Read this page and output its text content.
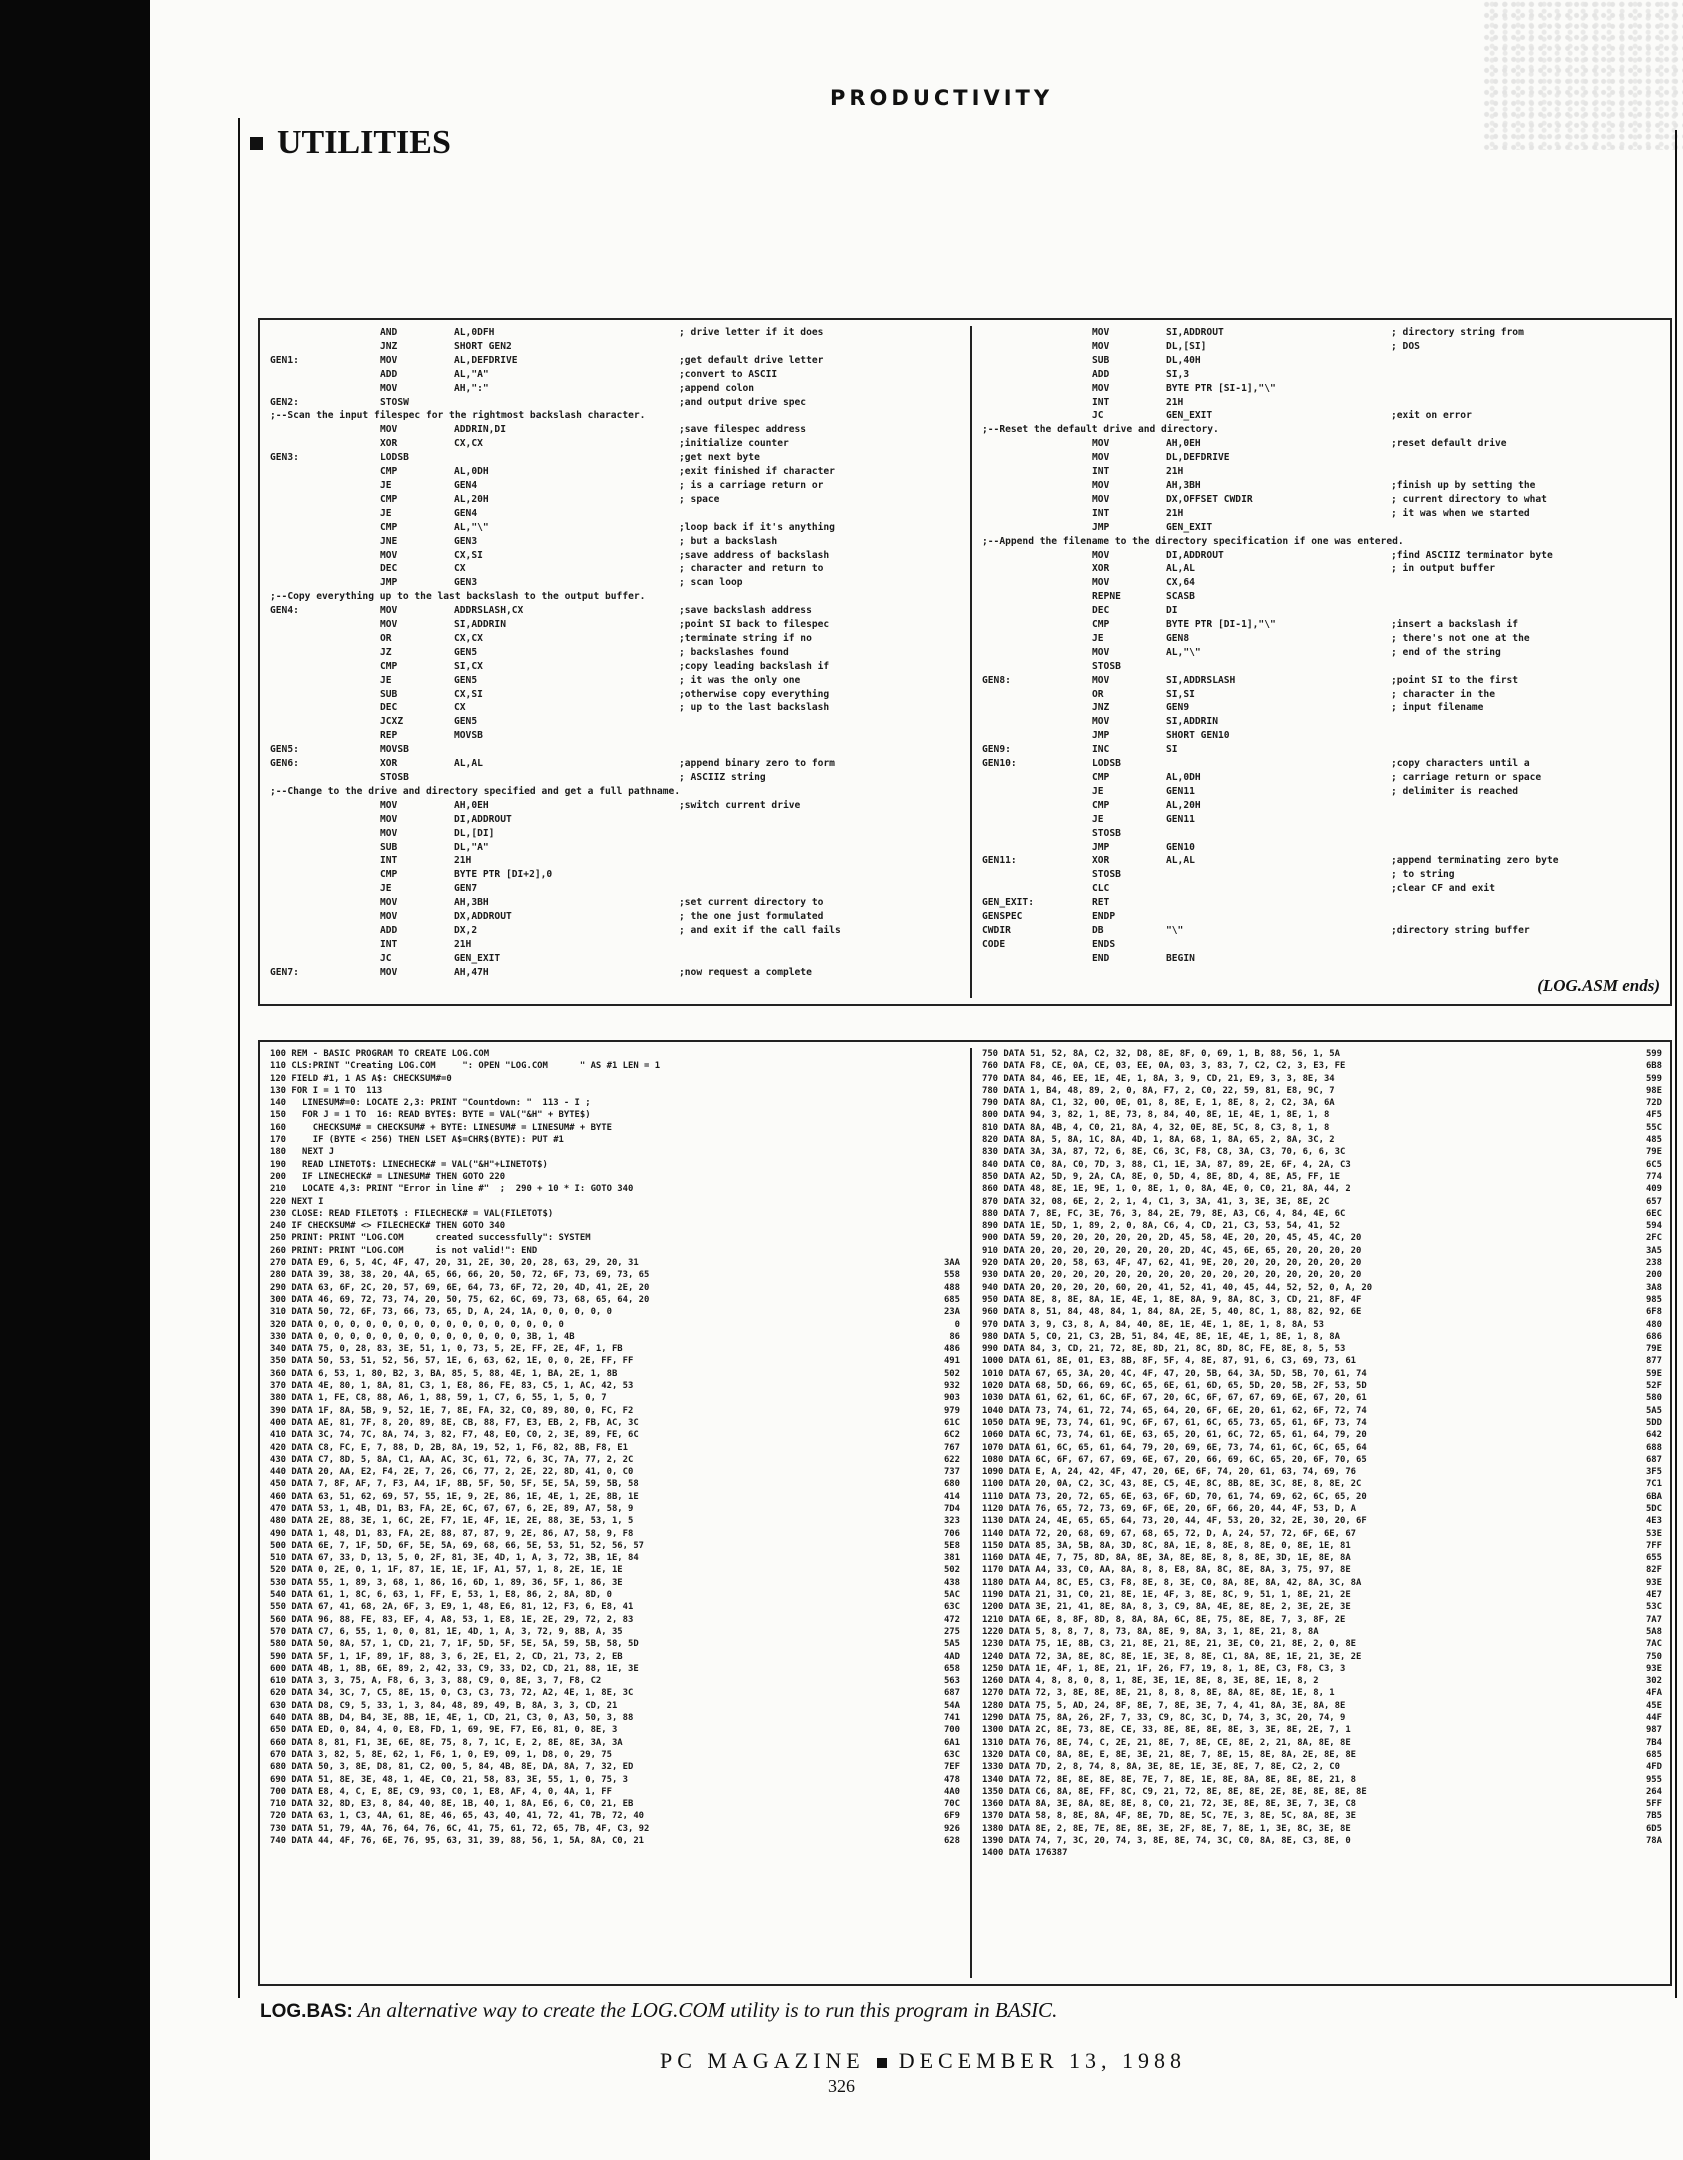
PRODUCTIVITY
UTILITIES
AND	AL,0DFH	; drive letter if it does
JNZ	SHORT GEN2
GEN1:	MOV	AL,DEFDRIVE	;get default drive letter
ADD	AL,"A"	;convert to ASCII
MOV	AH,":"	;append colon
GEN2:	STOSW	;and output drive spec
;--Scan the input filespec for the rightmost backslash character.
MOV	ADDRIN,DI	;save filespec address
XOR	CX,CX	;initialize counter
GEN3:	LODSB	;get next byte
CMP	AL,0DH	;exit finished if character
JE	GEN4	; is a carriage return or
CMP	AL,20H	; space
JE	GEN4
CMP	AL,"\"	;loop back if it's anything
JNE	GEN3	; but a backslash
MOV	CX,SI	;save address of backslash
DEC	CX	; character and return to
JMP	GEN3	; scan loop
;--Copy everything up to the last backslash to the output buffer.
GEN4:	MOV	ADDRSLASH,CX	;save backslash address
MOV	SI,ADDRIN	;point SI back to filespec
OR	CX,CX	;terminate string if no
JZ	GEN5	; backslashes found
CMP	SI,CX	;copy leading backslash if
JE	GEN5	; it was the only one
SUB	CX,SI	;otherwise copy everything
DEC	CX	; up to the last backslash
JCXZ	GEN5
REP	MOVSB
GEN5:	MOVSB
GEN6:	XOR	AL,AL	;append binary zero to form
STOSB	; ASCIIZ string
;--Change to the drive and directory specified and get a full pathname.
MOV	AH,0EH	;switch current drive
MOV	DI,ADDROUT
MOV	DL,[DI]
SUB	DL,"A"
INT	21H
CMP	BYTE PTR [DI+2],0
JE	GEN7
MOV	AH,3BH	;set current directory to
MOV	DX,ADDROUT	; the one just formulated
ADD	DX,2	; and exit if the call fails
INT	21H
JC	GEN_EXIT
GEN7:	MOV	AH,47H	;now request a complete
MOV	SI,ADDROUT	; directory string from
MOV	DL,[SI]	; DOS
SUB	DL,40H
ADD	SI,3
MOV	BYTE PTR [SI-1],"\"
INT	21H
JC	GEN_EXIT	;exit on error
;--Reset the default drive and directory.
MOV	AH,0EH	;reset default drive
MOV	DL,DEFDRIVE
INT	21H
MOV	AH,3BH	;finish up by setting the
MOV	DX,OFFSET CWDIR	; current directory to what
INT	21H	; it was when we started
JMP	GEN_EXIT
;--Append the filename to the directory specification if one was entered.
MOV	DI,ADDROUT	;find ASCIIZ terminator byte
XOR	AL,AL	; in output buffer
MOV	CX,64
REPNE	SCASB
DEC	DI
CMP	BYTE PTR [DI-1],"\"	;insert a backslash if
JE	GEN8	; there's not one at the
MOV	AL,"\"	; end of the string
STOSB
GEN8:	MOV	SI,ADDRSLASH	;point SI to the first
OR	SI,SI	; character in the
JNZ	GEN9	; input filename
MOV	SI,ADDRIN
JMP	SHORT GEN10
GEN9:	INC	SI
GEN10:	LODSB	;copy characters until a
CMP	AL,0DH	; carriage return or space
JE	GEN11	; delimiter is reached
CMP	AL,20H
JE	GEN11
STOSB
JMP	GEN10
GEN11:	XOR	AL,AL	;append terminating zero byte
STOSB	; to string
CLC	;clear CF and exit
GEN_EXIT:	RET
GENSPEC	ENDP
CWDIR	DB	"\"	;directory string buffer
CODE	ENDS
END	BEGIN
(LOG.ASM ends)
100 REM - BASIC PROGRAM TO CREATE LOG.COM
110 CLS:PRINT "Creating LOG.COM     ": OPEN "LOG.COM      " AS #1 LEN = 1
120 FIELD #1, 1 AS A$: CHECKSUM#=0
130 FOR I = 1 TO  113
140   LINESUM#=0: LOCATE 2,3: PRINT "Countdown: "  113 - I ;
150   FOR J = 1 TO  16: READ BYTE$: BYTE = VAL("&H" + BYTE$)
160     CHECKSUM# = CHECKSUM# + BYTE: LINESUM# = LINESUM# + BYTE
170     IF (BYTE < 256) THEN LSET A$=CHR$(BYTE): PUT #1
180   NEXT J
190   READ LINETOT$: LINECHECK# = VAL("&H"+LINETOT$)
200   IF LINECHECK# = LINESUM# THEN GOTO 220
210   LOCATE 4,3: PRINT "Error in line #"  ;  290 + 10 * I: GOTO 340
220 NEXT I
230 CLOSE: READ FILETOT$ : FILECHECK# = VAL(FILETOT$)
240 IF CHECKSUM# <> FILECHECK# THEN GOTO 340
250 PRINT: PRINT "LOG.COM      created successfully": SYSTEM
260 PRINT: PRINT "LOG.COM      is not valid!": END
270 DATA E9, 6, 5, 4C, 4F, 47, 20, 31, 2E, 30, 20, 28, 63, 29, 20, 31	3AA
280 DATA 39, 38, 38, 20, 4A, 65, 66, 66, 20, 50, 72, 6F, 73, 69, 73, 65	558
290 DATA 63, 6F, 2C, 20, 57, 69, 6E, 64, 73, 6F, 72, 20, 4D, 41, 2E, 20	488
300 DATA 46, 69, 72, 73, 74, 20, 50, 75, 62, 6C, 69, 73, 68, 65, 64, 20	685
310 DATA 50, 72, 6F, 73, 66, 73, 65, D, A, 24, 1A, 0, 0, 0, 0, 0	23A
320 DATA 0, 0, 0, 0, 0, 0, 0, 0, 0, 0, 0, 0, 0, 0, 0, 0	0
330 DATA 0, 0, 0, 0, 0, 0, 0, 0, 0, 0, 0, 0, 0, 3B, 1, 4B	86
340 DATA 75, 0, 28, 83, 3E, 51, 1, 0, 73, 5, 2E, FF, 2E, 4F, 1, FB	486
350 DATA 50, 53, 51, 52, 56, 57, 1E, 6, 63, 62, 1E, 0, 0, 2E, FF, FF	491
360 DATA 6, 53, 1, 80, B2, 3, BA, 85, 5, 88, 4E, 1, BA, 2E, 1, 8B	502
370 DATA 4E, 80, 1, 8A, 81, C3, 1, E8, 86, FE, 83, C5, 1, AC, 42, 53	932
380 DATA 1, FE, C8, 88, A6, 1, 88, 59, 1, C7, 6, 55, 1, 5, 0, 7	903
390 DATA 1F, 8A, 5B, 9, 52, 1E, 7, 8E, FA, 32, C0, 89, 80, 0, FC, F2	979
400 DATA AE, 81, 7F, 8, 20, 89, 8E, CB, 88, F7, E3, EB, 2, FB, AC, 3C	61C
410 DATA 3C, 74, 7C, 8A, 74, 3, 82, F7, 48, E0, C0, 2, 3E, 89, FE, 6C	6C2
420 DATA C8, FC, E, 7, 88, D, 2B, 8A, 19, 52, 1, F6, 82, 8B, F8, E1	767
430 DATA C7, 8D, 5, 8A, C1, AA, AC, 3C, 61, 72, 6, 3C, 7A, 77, 2, 2C	622
440 DATA 20, AA, E2, F4, 2E, 7, 26, C6, 77, 2, 2E, 22, 8D, 41, 0, C0	737
450 DATA 7, 8F, AF, 7, F3, A4, 1F, 8B, 5F, 50, 5F, 5E, 5A, 59, 5B, 58	680
460 DATA 63, 51, 62, 69, 57, 55, 1E, 9, 2E, 86, 1E, 4E, 1, 2E, 8B, 1E	414
470 DATA 53, 1, 4B, D1, B3, FA, 2E, 6C, 67, 67, 6, 2E, 89, A7, 58, 9	7D4
480 DATA 2E, 88, 3E, 1, 6C, 2E, F7, 1E, 4F, 1E, 2E, 88, 3E, 53, 1, 5	323
490 DATA 1, 48, D1, 83, FA, 2E, 88, 87, 87, 9, 2E, 86, A7, 58, 9, F8	706
500 DATA 6E, 7, 1F, 5D, 6F, 5E, 5A, 69, 68, 66, 5E, 53, 51, 52, 56, 57	5E8
510 DATA 67, 33, D, 13, 5, 0, 2F, 81, 3E, 4D, 1, A, 3, 72, 3B, 1E, 84	381
520 DATA 0, 2E, 0, 1, 1F, 87, 1E, 1E, 1F, A1, 57, 1, 8, 2E, 1E, 1E	502
530 DATA 55, 1, 89, 3, 68, 1, 86, 16, 6D, 1, 89, 36, 5F, 1, 86, 3E	438
540 DATA 61, 1, 8C, 6, 63, 1, FF, E, 53, 1, E8, 86, 2, 8A, 8D, 0	5AC
550 DATA 67, 41, 68, 2A, 6F, 3, E9, 1, 48, E6, 81, 12, F3, 6, E8, 41	63C
560 DATA 96, 88, FE, 83, EF, 4, A8, 53, 1, E8, 1E, 2E, 29, 72, 2, 83	472
570 DATA C7, 6, 55, 1, 0, 0, 81, 1E, 4D, 1, A, 3, 72, 9, 8B, A, 35	275
580 DATA 50, 8A, 57, 1, CD, 21, 7, 1F, 5D, 5F, 5E, 5A, 59, 5B, 58, 5D	5A5
590 DATA 5F, 1, 1F, 89, 1F, 88, 3, 6, 2E, E1, 2, CD, 21, 73, 2, EB	4AD
600 DATA 4B, 1, 8B, 6E, 89, 2, 42, 33, C9, 33, D2, CD, 21, 88, 1E, 3E	658
610 DATA 3, 3, 75, A, F8, 6, 3, 3, 88, C9, 0, 8E, 3, 7, F8, C2	563
620 DATA 34, 3C, 7, C5, 8E, 15, 0, C3, C3, 73, 72, A2, 4E, 1, 8E, 3C	687
630 DATA D8, C9, 5, 33, 1, 3, 84, 48, 89, 49, B, 8A, 3, 3, CD, 21	54A
640 DATA 8B, D4, B4, 3E, 8B, 1E, 4E, 1, CD, 21, C3, 0, A3, 50, 3, 88	741
650 DATA ED, 0, 84, 4, 0, E8, FD, 1, 69, 9E, F7, E6, 81, 0, 8E, 3	700
660 DATA 8, 81, F1, 3E, 6E, 8E, 75, 8, 7, 1C, E, 2, 8E, 8E, 3A, 3A	6A1
670 DATA 3, 82, 5, 8E, 62, 1, F6, 1, 0, E9, 09, 1, D8, 0, 29, 75	63C
680 DATA 50, 3, 8E, D8, 81, C2, 00, 5, 84, 4B, 8E, DA, 8A, 7, 32, ED	7EF
690 DATA 51, 8E, 3E, 48, 1, 4E, C0, 21, 58, 83, 3E, 55, 1, 0, 75, 3	478
700 DATA E8, 4, C, E, 8E, C9, 93, C0, 1, E8, AF, 4, 0, 4A, 1, FF	4A0
710 DATA 32, 8D, E3, 8, 84, 40, 8E, 1B, 40, 1, 8A, E6, 6, C0, 21, EB	70C
720 DATA 63, 1, C3, 4A, 61, 8E, 46, 65, 43, 40, 41, 72, 41, 7B, 72, 40	6F9
730 DATA 51, 79, 4A, 76, 64, 76, 6C, 41, 75, 61, 72, 65, 7B, 4F, C3, 92	926
740 DATA 44, 4F, 76, 6E, 76, 95, 63, 31, 39, 88, 56, 1, 5A, 8A, C0, 21	628
750 DATA 51, 52, 8A, C2, 32, D8, 8E, 8F, 0, 69, 1, B, 88, 56, 1, 5A	599
760 DATA F8, CE, 0A, CE, 03, EE, 0A, 03, 3, 83, 7, C2, C2, 3, E3, FE	6B8
770 DATA 84, 46, EE, 1E, 4E, 1, 8A, 3, 9, CD, 21, E9, 3, 3, 8E, 34	599
780 DATA 1, B4, 48, 89, 2, 0, 8A, F7, 2, C0, 22, 59, 81, E8, 9C, 7	98E
790 DATA 8A, C1, 32, 00, 0E, 01, 8, 8E, E, 1, 8E, 8, 2, C2, 3A, 6A	72D
800 DATA 94, 3, 82, 1, 8E, 73, 8, 84, 40, 8E, 1E, 4E, 1, 8E, 1, 8	4F5
810 DATA 8A, 4B, 4, C0, 21, 8A, 4, 32, 0E, 8E, 5C, 8, C3, 8, 1, 8	55C
820 DATA 8A, 5, 8A, 1C, 8A, 4D, 1, 8A, 68, 1, 8A, 65, 2, 8A, 3C, 2	485
830 DATA 3A, 3A, 87, 72, 6, 8E, C6, 3C, F8, C8, 3A, C3, 70, 6, 6, 3C	79E
840 DATA C0, 8A, C0, 7D, 3, 88, C1, 1E, 3A, 87, 89, 2E, 6F, 4, 2A, C3	6C5
850 DATA A2, 5D, 9, 2A, CA, 8E, 0, 5D, 4, 8E, 8D, 4, 8E, A5, FF, 1E	774
860 DATA 48, 8E, 1E, 9E, 1, 0, 8E, 1, 0, 8A, 4E, 0, C0, 21, 8A, 44, 2	409
870 DATA 32, 08, 6E, 2, 2, 1, 4, C1, 3, 3A, 41, 3, 3E, 3E, 8E, 2C	657
880 DATA 7, 8E, FC, 3E, 76, 3, 84, 2E, 79, 8E, A3, C6, 4, 84, 4E, 6C	6EC
890 DATA 1E, 5D, 1, 89, 2, 0, 8A, C6, 4, CD, 21, C3, 53, 54, 41, 52	594
900 DATA 59, 20, 20, 20, 20, 20, 2D, 45, 58, 4E, 20, 20, 45, 45, 4C, 20	2FC
910 DATA 20, 20, 20, 20, 20, 20, 20, 2D, 4C, 45, 6E, 65, 20, 20, 20, 20	3A5
920 DATA 20, 20, 58, 63, 4F, 47, 62, 41, 9E, 20, 20, 20, 20, 20, 20, 20	238
930 DATA 20, 20, 20, 20, 20, 20, 20, 20, 20, 20, 20, 20, 20, 20, 20, 20	200
940 DATA 20, 20, 20, 20, 60, 20, 41, 52, 41, 40, 45, 44, 52, 52, 0, A, 20	3A8
950 DATA 8E, 8, 8E, 8A, 1E, 4E, 1, 8E, 8A, 9, 8A, 8C, 3, CD, 21, 8F, 4F	985
960 DATA 8, 51, 84, 48, 84, 1, 84, 8A, 2E, 5, 40, 8C, 1, 88, 82, 92, 6E	6F8
970 DATA 3, 9, C3, 8, A, 84, 40, 8E, 1E, 4E, 1, 8E, 1, 8, 8A, 53	480
980 DATA 5, C0, 21, C3, 2B, 51, 84, 4E, 8E, 1E, 4E, 1, 8E, 1, 8, 8A	686
990 DATA 84, 3, CD, 21, 72, 8E, 8D, 21, 8C, 8D, 8C, FE, 8E, 8, 5, 53	79E
1000 DATA 61, 8E, 01, E3, 8B, 8F, 5F, 4, 8E, 87, 91, 6, C3, 69, 73, 61	877
1010 DATA 67, 65, 3A, 20, 4C, 4F, 47, 20, 5B, 64, 3A, 5D, 5B, 70, 61, 74	59E
1020 DATA 68, 5D, 66, 69, 6C, 65, 6E, 61, 6D, 65, 5D, 20, 5B, 2F, 53, 5D	52F
1030 DATA 61, 62, 61, 6C, 6F, 67, 20, 6C, 6F, 67, 67, 69, 6E, 67, 20, 61	580
1040 DATA 73, 74, 61, 72, 74, 65, 64, 20, 6F, 6E, 20, 61, 62, 6F, 72, 74	5A5
1050 DATA 9E, 73, 74, 61, 9C, 6F, 67, 61, 6C, 65, 73, 65, 61, 6F, 73, 74	5DD
1060 DATA 6C, 73, 74, 61, 6E, 63, 65, 20, 61, 6C, 72, 65, 61, 64, 79, 20	642
1070 DATA 61, 6C, 65, 61, 64, 79, 20, 69, 6E, 73, 74, 61, 6C, 6C, 65, 64	688
1080 DATA 6C, 6F, 67, 67, 69, 6E, 67, 20, 66, 69, 6C, 65, 20, 6F, 70, 65	687
1090 DATA E, A, 24, 42, 4F, 47, 20, 6E, 6F, 74, 20, 61, 63, 74, 69, 76	3F5
1100 DATA 20, 0A, C2, 3C, 43, 8E, C5, 4E, 8C, 8B, 8E, 3C, 8E, 8, 8E, 2C	7C1
1110 DATA 73, 20, 72, 65, 6E, 63, 6F, 6D, 70, 61, 74, 69, 62, 6C, 65, 20	6BA
1120 DATA 76, 65, 72, 73, 69, 6F, 6E, 20, 6F, 66, 20, 44, 4F, 53, D, A	5DC
1130 DATA 24, 4E, 65, 65, 64, 73, 20, 44, 4F, 53, 20, 32, 2E, 30, 20, 6F	4E3
1140 DATA 72, 20, 68, 69, 67, 68, 65, 72, D, A, 24, 57, 72, 6F, 6E, 67	53E
1150 DATA 85, 3A, 5B, 8A, 3D, 8C, 8A, 1E, 8, 8E, 8, 8E, 0, 8E, 1E, 81	7FF
1160 DATA 4E, 7, 75, 8D, 8A, 8E, 3A, 8E, 8E, 8, 8, 8E, 3D, 1E, 8E, 8A	655
1170 DATA A4, 33, C0, AA, 8A, 8, 8, E8, 8A, 8C, 8E, 8A, 3, 75, 97, 8E	82F
1180 DATA A4, 8C, E5, C3, F8, 8E, 8, 3E, C0, 8A, 8E, 8A, 42, 8A, 3C, 8A	93E
1190 DATA 21, 31, C0, 21, 8E, 1E, 4F, 3, 8E, 8C, 9, 51, 1, 8E, 21, 2E	4E7
1200 DATA 3E, 21, 41, 8E, 8A, 8, 3, C9, 8A, 4E, 8E, 8E, 2, 3E, 2E, 3E	53C
1210 DATA 6E, 8, 8F, 8D, 8, 8A, 8A, 6C, 8E, 75, 8E, 8E, 7, 3, 8F, 2E	7A7
1220 DATA 5, 8, 8, 7, 8, 73, 8A, 8E, 9, 8A, 3, 1, 8E, 21, 8, 8A	5A8
1230 DATA 75, 1E, 8B, C3, 21, 8E, 21, 8E, 21, 3E, C0, 21, 8E, 2, 0, 8E	7AC
1240 DATA 72, 3A, 8E, 8C, 8E, 1E, 3E, 8, 8E, C1, 8A, 8E, 1E, 21, 3E, 2E	750
1250 DATA 1E, 4F, 1, 8E, 21, 1F, 26, F7, 19, 8, 1, 8E, C3, F8, C3, 3	93E
1260 DATA 4, 8, 8, 0, 8, 1, 8E, 3E, 1E, 8E, 8, 3E, 8E, 1E, 8, 2	302
1270 DATA 72, 3, 8E, 8E, 8E, 21, 8, 8, 8, 8E, 8A, 8E, 8E, 1E, 8, 1	4FA
1280 DATA 75, 5, AD, 24, 8F, 8E, 7, 8E, 3E, 7, 4, 41, 8A, 3E, 8A, 8E	45E
1290 DATA 75, 8A, 26, 2F, 7, 33, C9, 8C, 3C, D, 74, 3, 3C, 20, 74, 9	44F
1300 DATA 2C, 8E, 73, 8E, CE, 33, 8E, 8E, 8E, 8E, 3, 3E, 8E, 2E, 7, 1	987
1310 DATA 76, 8E, 74, C, 2E, 21, 8E, 7, 8E, CE, 8E, 2, 21, 8A, 8E, 8E	7B4
1320 DATA C0, 8A, 8E, E, 8E, 3E, 21, 8E, 7, 8E, 15, 8E, 8A, 2E, 8E, 8E	685
1330 DATA 7D, 2, 8, 74, 8, 8A, 3E, 8E, 1E, 3E, 8E, 7, 8E, C2, 2, C0	4FD
1340 DATA 72, 8E, 8E, 8E, 8E, 7E, 7, 8E, 1E, 8E, 8A, 8E, 8E, 8E, 21, 8	955
1350 DATA C6, 8A, 8E, FF, 8C, C9, 21, 72, 8E, 8E, 8E, 2E, 8E, 8E, 8E, 8E	264
1360 DATA 8A, 3E, 8A, 8E, 8E, 8, C0, 21, 72, 3E, 8E, 8E, 3E, 7, 3E, C8	5FF
1370 DATA 58, 8, 8E, 8A, 4F, 8E, 7D, 8E, 5C, 7E, 3, 8E, 5C, 8A, 8E, 3E	7B5
1380 DATA 8E, 2, 8E, 7E, 8E, 8E, 3E, 2F, 8E, 7, 8E, 1, 3E, 8C, 3E, 8E	6D5
1390 DATA 74, 7, 3C, 20, 74, 3, 8E, 8E, 74, 3C, C0, 8A, 8E, C3, 8E, 0	78A
1400 DATA 176387
LOG.BAS: An alternative way to create the LOG.COM utility is to run this program in BASIC.
PC MAGAZINE DECEMBER 13, 1988
326
